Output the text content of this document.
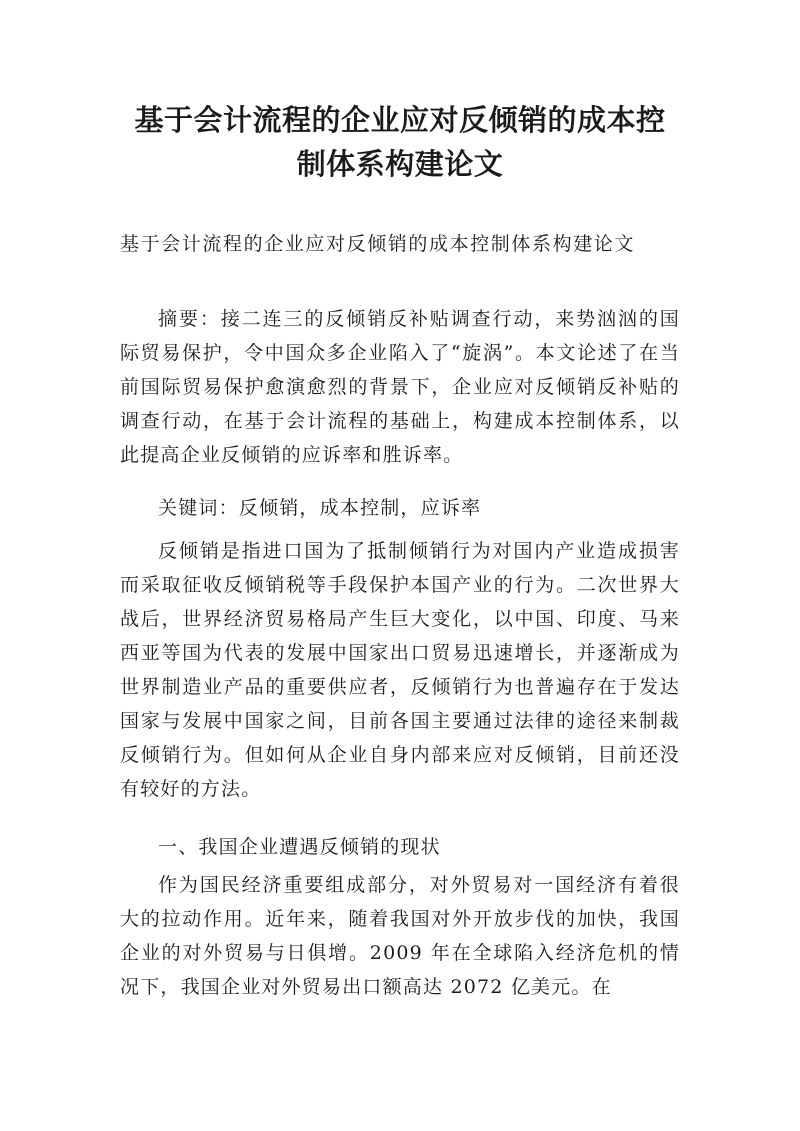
基于会计流程的企业应对反倾销的成本控
制体系构建论文
基于会计流程的企业应对反倾销的成本控制体系构建论文
摘要：接二连三的反倾销反补贴调查行动，来势汹汹的国际贸易保护，令中国众多企业陷入了“旋涡”。本文论述了在当前国际贸易保护愈演愈烈的背景下，企业应对反倾销反补贴的调查行动，在基于会计流程的基础上，构建成本控制体系，以此提高企业反倾销的应诉率和胜诉率。
关键词：反倾销，成本控制，应诉率
反倾销是指进口国为了抵制倾销行为对国内产业造成损害而采取征收反倾销税等手段保护本国产业的行为。二次世界大战后，世界经济贸易格局产生巨大变化，以中国、印度、马来西亚等国为代表的发展中国家出口贸易迅速增长，并逐渐成为世界制造业产品的重要供应者，反倾销行为也普遍存在于发达国家与发展中国家之间，目前各国主要通过法律的途径来制裁反倾销行为。但如何从企业自身内部来应对反倾销，目前还没有较好的方法。
一、我国企业遭遇反倾销的现状
作为国民经济重要组成部分，对外贸易对一国经济有着很大的拉动作用。近年来，随着我国对外开放步伐的加快，我国企业的对外贸易与日俱增。2009 年在全球陷入经济危机的情况下，我国企业对外贸易出口额高达 2072 亿美元。在
